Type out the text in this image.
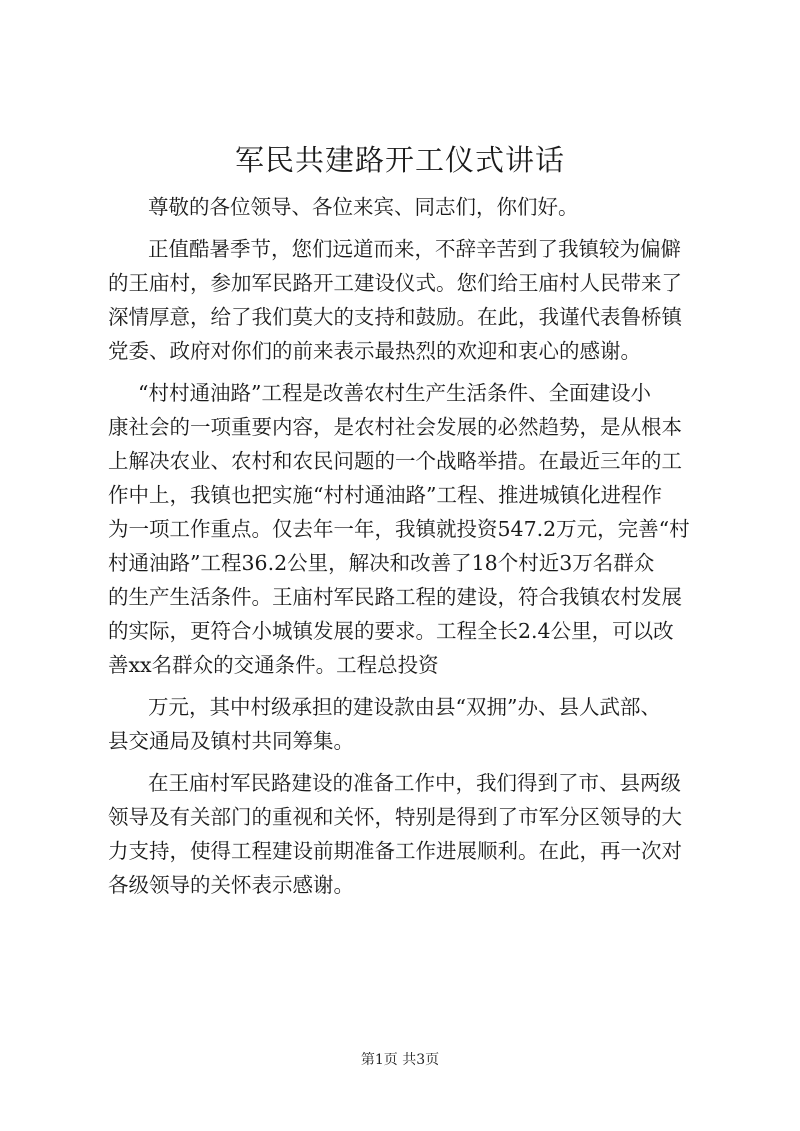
军民共建路开工仪式讲话
尊敬的各位领导、各位来宾、同志们，你们好。
正值酷暑季节，您们远道而来，不辞辛苦到了我镇较为偏僻
的王庙村，参加军民路开工建设仪式。您们给王庙村人民带来了
深情厚意，给了我们莫大的支持和鼓励。在此，我谨代表鲁桥镇
党委、政府对你们的前来表示最热烈的欢迎和衷心的感谢。
“村村通油路”工程是改善农村生产生活条件、全面建设小
康社会的一项重要内容，是农村社会发展的必然趋势，是从根本
上解决农业、农村和农民问题的一个战略举措。在最近三年的工
作中上，我镇也把实施“村村通油路”工程、推进城镇化进程作
为一项工作重点。仅去年一年，我镇就投资547.2万元，完善“村
村通油路”工程36.2公里，解决和改善了18个村近3万名群众
的生产生活条件。王庙村军民路工程的建设，符合我镇农村发展
的实际，更符合小城镇发展的要求。工程全长2.4公里，可以改
善xx名群众的交通条件。工程总投资
万元，其中村级承担的建设款由县“双拥”办、县人武部、
县交通局及镇村共同筹集。
在王庙村军民路建设的准备工作中，我们得到了市、县两级
领导及有关部门的重视和关怀，特别是得到了市军分区领导的大
力支持，使得工程建设前期准备工作进展顺利。在此，再一次对
各级领导的关怀表示感谢。
第1页 共3页
